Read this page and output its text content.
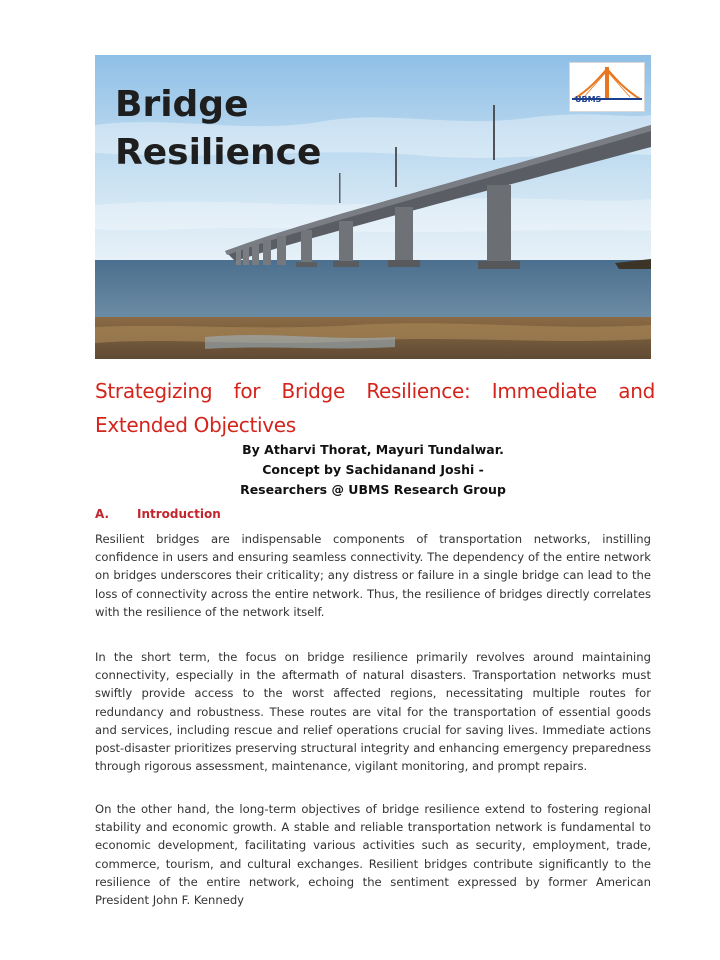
Bridge
Resilience
UBMS
Strategizing for Bridge Resilience: Immediate and Extended Objectives
By Atharvi Thorat, Mayuri Tundalwar.
Concept by Sachidanand Joshi -
Researchers @ UBMS Research Group
A. Introduction

Resilient bridges are indispensable components of transportation networks, instilling confidence in users and ensuring seamless connectivity. The dependency of the entire network on bridges underscores their criticality; any distress or failure in a single bridge can lead to the loss of connectivity across the entire network. Thus, the resilience of bridges directly correlates with the resilience of the network itself.

In the short term, the focus on bridge resilience primarily revolves around maintaining connectivity, especially in the aftermath of natural disasters. Transportation networks must swiftly provide access to the worst affected regions, necessitating multiple routes for redundancy and robustness. These routes are vital for the transportation of essential goods and services, including rescue and relief operations crucial for saving lives. Immediate actions post-disaster prioritizes preserving structural integrity and enhancing emergency preparedness through rigorous assessment, maintenance, vigilant monitoring, and prompt repairs.

On the other hand, the long-term objectives of bridge resilience extend to fostering regional stability and economic growth. A stable and reliable transportation network is fundamental to economic development, facilitating various activities such as security, employment, trade, commerce, tourism, and cultural exchanges. Resilient bridges contribute significantly to the resilience of the entire network, echoing the sentiment expressed by former American President John F. Kennedy
